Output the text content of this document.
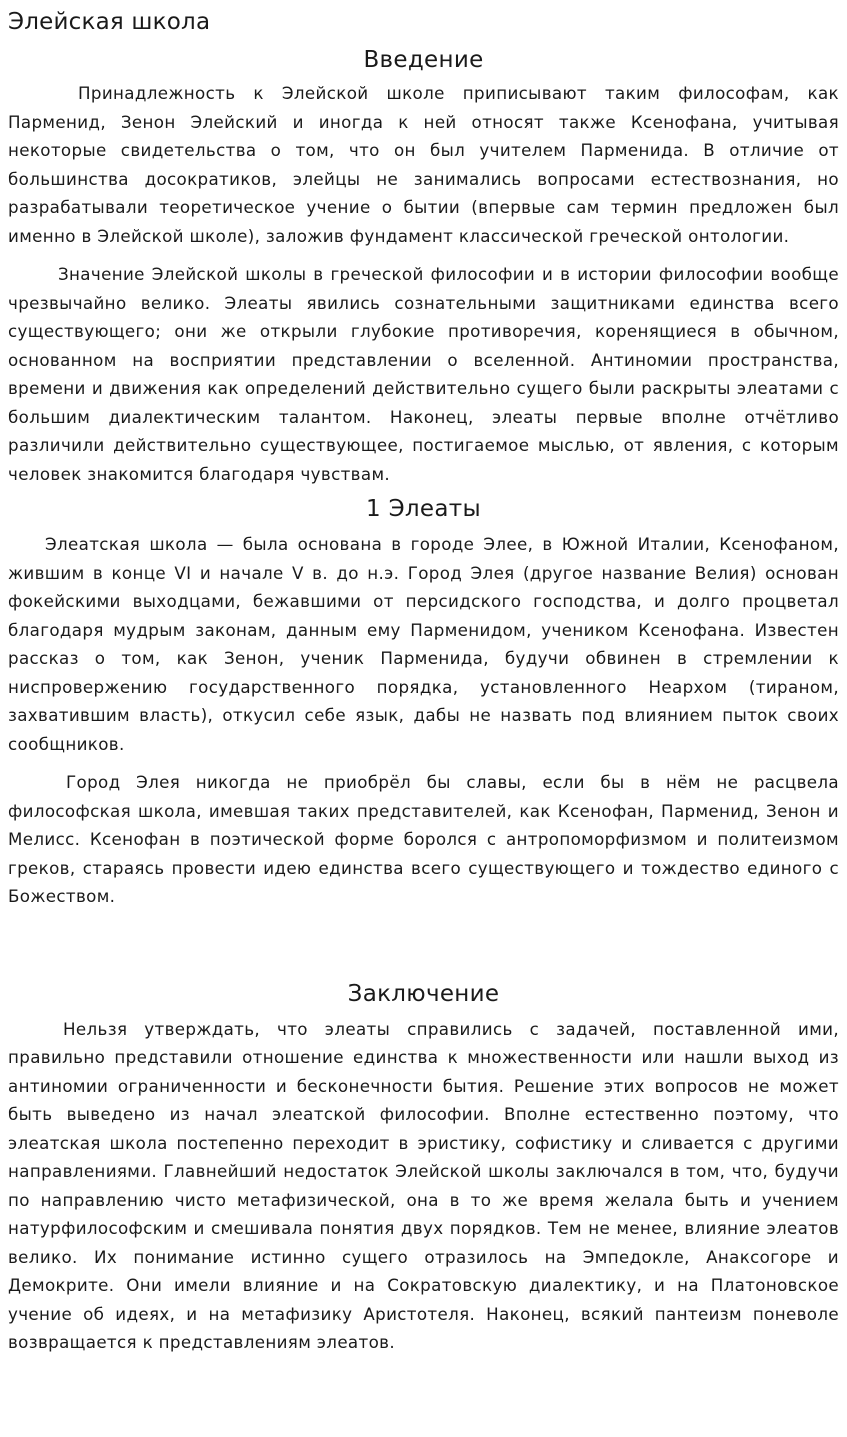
Элейская школа
Введение

Принадлежность к Элейской школе приписывают таким философам, как Парменид, Зенон Элейский и иногда к ней относят также Ксенофана, учитывая некоторые свидетельства о том, что он был учителем Парменида. В отличие от большинства досократиков, элейцы не занимались вопросами естествознания, но разрабатывали теоретическое учение о бытии (впервые сам термин предложен был именно в Элейской школе), заложив фундамент классической греческой онтологии.

Значение Элейской школы в греческой философии и в истории философии вообще чрезвычайно велико. Элеаты явились сознательными защитниками единства всего существующего; они же открыли глубокие противоречия, коренящиеся в обычном, основанном на восприятии представлении о вселенной. Антиномии пространства, времени и движения как определений действительно сущего были раскрыты элеатами с большим диалектическим талантом. Наконец, элеаты первые вполне отчётливо различили действительно существующее, постигаемое мыслью, от явления, с которым человек знакомится благодаря чувствам.

1 Элеаты

Элеатская школа — была основана в городе Элее, в Южной Италии, Ксенофаном, жившим в конце VI и начале V в. до н.э. Город Элея (другое название Велия) основан фокейскими выходцами, бежавшими от персидского господства, и долго процветал благодаря мудрым законам, данным ему Парменидом, учеником Ксенофана. Известен рассказ о том, как Зенон, ученик Парменида, будучи обвинен в стремлении к ниспровержению государственного порядка, установленного Неархом (тираном, захватившим власть), откусил себе язык, дабы не назвать под влиянием пыток своих сообщников.

Город Элея никогда не приобрёл бы славы, если бы в нём не расцвела философская школа, имевшая таких представителей, как Ксенофан, Парменид, Зенон и Мелисс. Ксенофан в поэтической форме боролся с антропоморфизмом и политеизмом греков, стараясь провести идею единства всего существующего и тождество единого с Божеством.

Заключение

Нельзя утверждать, что элеаты справились с задачей, поставленной ими, правильно представили отношение единства к множественности или нашли выход из антиномии ограниченности и бесконечности бытия. Решение этих вопросов не может быть выведено из начал элеатской философии. Вполне естественно поэтому, что элеатская школа постепенно переходит в эристику, софистику и сливается с другими направлениями. Главнейший недостаток Элейской школы заключался в том, что, будучи по направлению чисто метафизической, она в то же время желала быть и учением натурфилософским и смешивала понятия двух порядков. Тем не менее, влияние элеатов велико. Их понимание истинно сущего отразилось на Эмпедокле, Анаксогоре и Демокрите. Они имели влияние и на Сократовскую диалектику, и на Платоновское учение об идеях, и на метафизику Аристотеля. Наконец, всякий пантеизм поневоле возвращается к представлениям элеатов.
